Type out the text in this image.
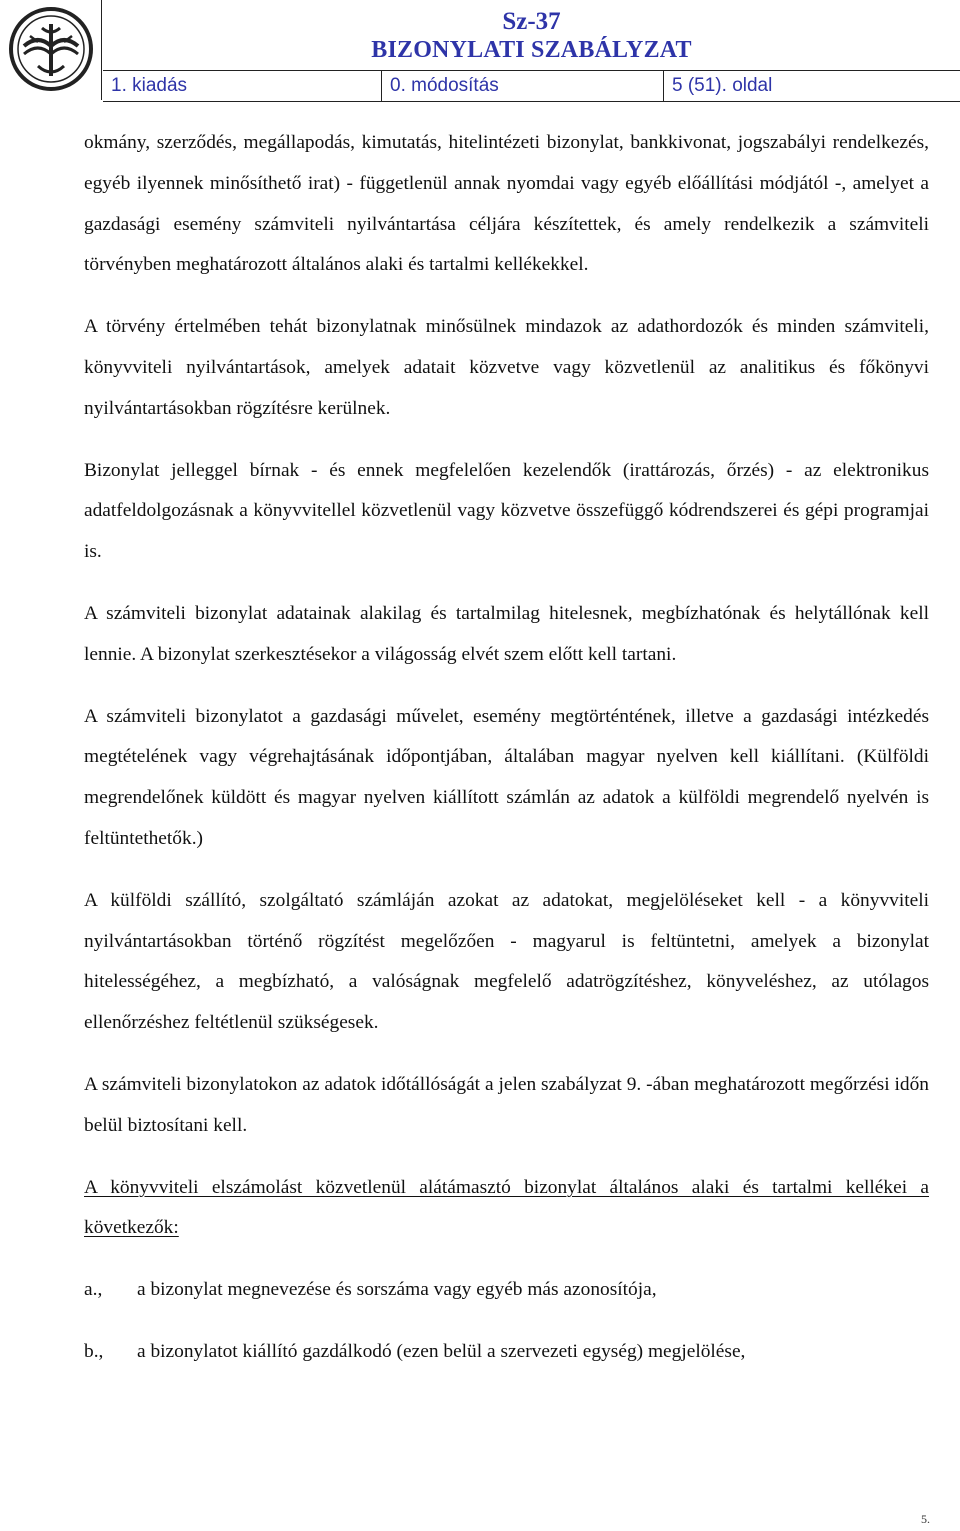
Sz-37
BIZONYLATI SZABÁLYZAT
1. kiadás	0. módosítás	5 (51). oldal

okmány, szerződés, megállapodás, kimutatás, hitelintézeti bizonylat, bankkivonat, jogszabályi rendelkezés, egyéb ilyennek minősíthető irat) - függetlenül annak nyomdai vagy egyéb előállítási módjától -, amelyet a gazdasági esemény számviteli nyilvántartása céljára készítettek, és amely rendelkezik a számviteli törvényben meghatározott általános alaki és tartalmi kellékekkel.

A törvény értelmében tehát bizonylatnak minősülnek mindazok az adathordozók és minden számviteli, könyvviteli nyilvántartások, amelyek adatait közvetve vagy közvetlenül az analitikus és főkönyvi nyilvántartásokban rögzítésre kerülnek.

Bizonylat jelleggel bírnak - és ennek megfelelően kezelendők (irattározás, őrzés) - az elektronikus adatfeldolgozásnak a könyvvitellel közvetlenül vagy közvetve összefüggő kódrendszerei és gépi programjai is.

A számviteli bizonylat adatainak alakilag és tartalmilag hitelesnek, megbízhatónak és helytállónak kell lennie. A bizonylat szerkesztésekor a világosság elvét szem előtt kell tartani.

A számviteli bizonylatot a gazdasági művelet, esemény megtörténtének, illetve a gazdasági intézkedés megtételének vagy végrehajtásának időpontjában, általában magyar nyelven kell kiállítani. (Külföldi megrendelőnek küldött és magyar nyelven kiállított számlán az adatok a külföldi megrendelő nyelvén is feltüntethetők.)

A külföldi szállító, szolgáltató számláján azokat az adatokat, megjelöléseket kell - a könyvviteli nyilvántartásokban történő rögzítést megelőzően - magyarul is feltüntetni, amelyek a bizonylat hitelességéhez, a megbízható, a valóságnak megfelelő adatrögzítéshez, könyveléshez, az utólagos ellenőrzéshez feltétlenül szükségesek.

A számviteli bizonylatokon az adatok időtállóságát a jelen szabályzat 9. -ában meghatározott megőrzési időn belül biztosítani kell.

A könyvviteli elszámolást közvetlenül alátámasztó bizonylat általános alaki és tartalmi kellékei a következők:

a.,	a bizonylat megnevezése és sorszáma vagy egyéb más azonosítója,
b.,	a bizonylatot kiállító gazdálkodó (ezen belül a szervezeti egység) megjelölése,
5.
